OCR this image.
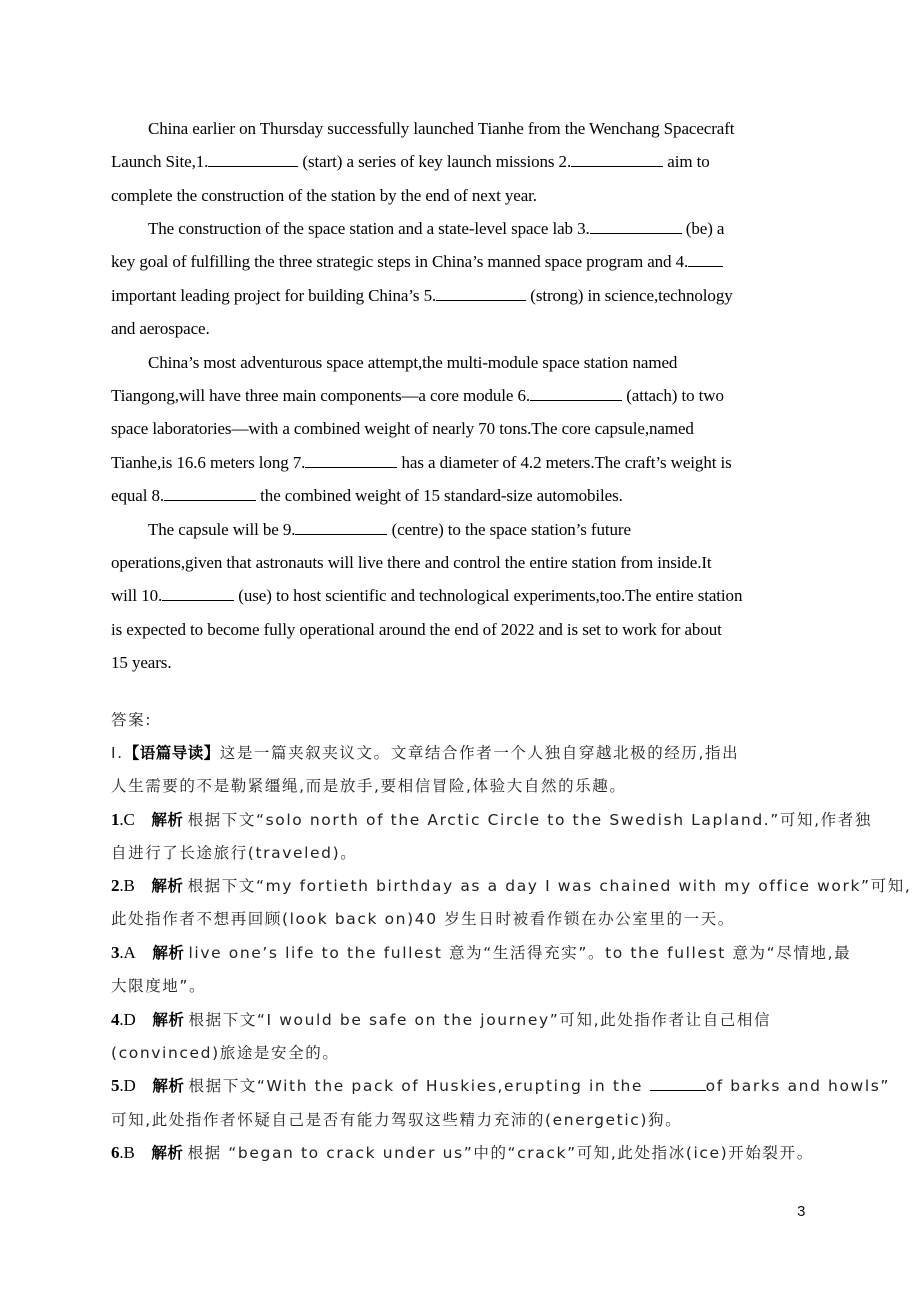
China earlier on Thursday successfully launched Tianhe from the Wenchang Spacecraft
Launch Site,1.	(start) a series of key launch missions 2.	aim to
complete the construction of the station by the end of next year.
The construction of the space station and a state-level space lab 3.	(be) a
key goal of fulfilling the three strategic steps in China’s manned space program and 4.
important leading project for building China’s 5.	(strong) in science,technology
and aerospace.
China’s most adventurous space attempt,the multi-module space station named
Tiangong,will have three main components—a core module 6.	(attach) to two
space laboratories—with a combined weight of nearly 70 tons.The core capsule,named
Tianhe,is 16.6 meters long 7.	has a diameter of 4.2 meters.The craft’s weight is
equal 8.	the combined weight of 15 standard-size automobiles.
The capsule will be 9.	(centre) to the space station’s future
operations,given that astronauts will live there and control the entire station from inside.It
will 10.	(use) to host scientific and technological experiments,too.The entire station
is expected to become fully operational around the end of 2022 and is set to work for about
15 years.
答案:
Ⅰ.【语篇导读】这是一篇夹叙夹议文。文章结合作者一个人独自穿越北极的经历,指出
人生需要的不是勒紧缰绳,而是放手,要相信冒险,体验大自然的乐趣。
1.C 解析 根据下文“solo north of the Arctic Circle to the Swedish Lapland.”可知,作者独
自进行了长途旅行(traveled)。
2.B 解析 根据下文“my fortieth birthday as a day I was chained with my office work”可知,
此处指作者不想再回顾(look back on)40 岁生日时被看作锁在办公室里的一天。
3.A 解析 live one’s life to the fullest 意为“生活得充实”。to the fullest 意为“尽情地,最
大限度地”。
4.D 解析 根据下文“I would be safe on the journey”可知,此处指作者让自己相信
(convinced)旅途是安全的。
5.D 解析 根据下文“With the pack of Huskies,erupting in the	of barks and howls”
可知,此处指作者怀疑自己是否有能力驾驭这些精力充沛的(energetic)狗。
6.B 解析 根据 “began to crack under us”中的“crack”可知,此处指冰(ice)开始裂开。
3
